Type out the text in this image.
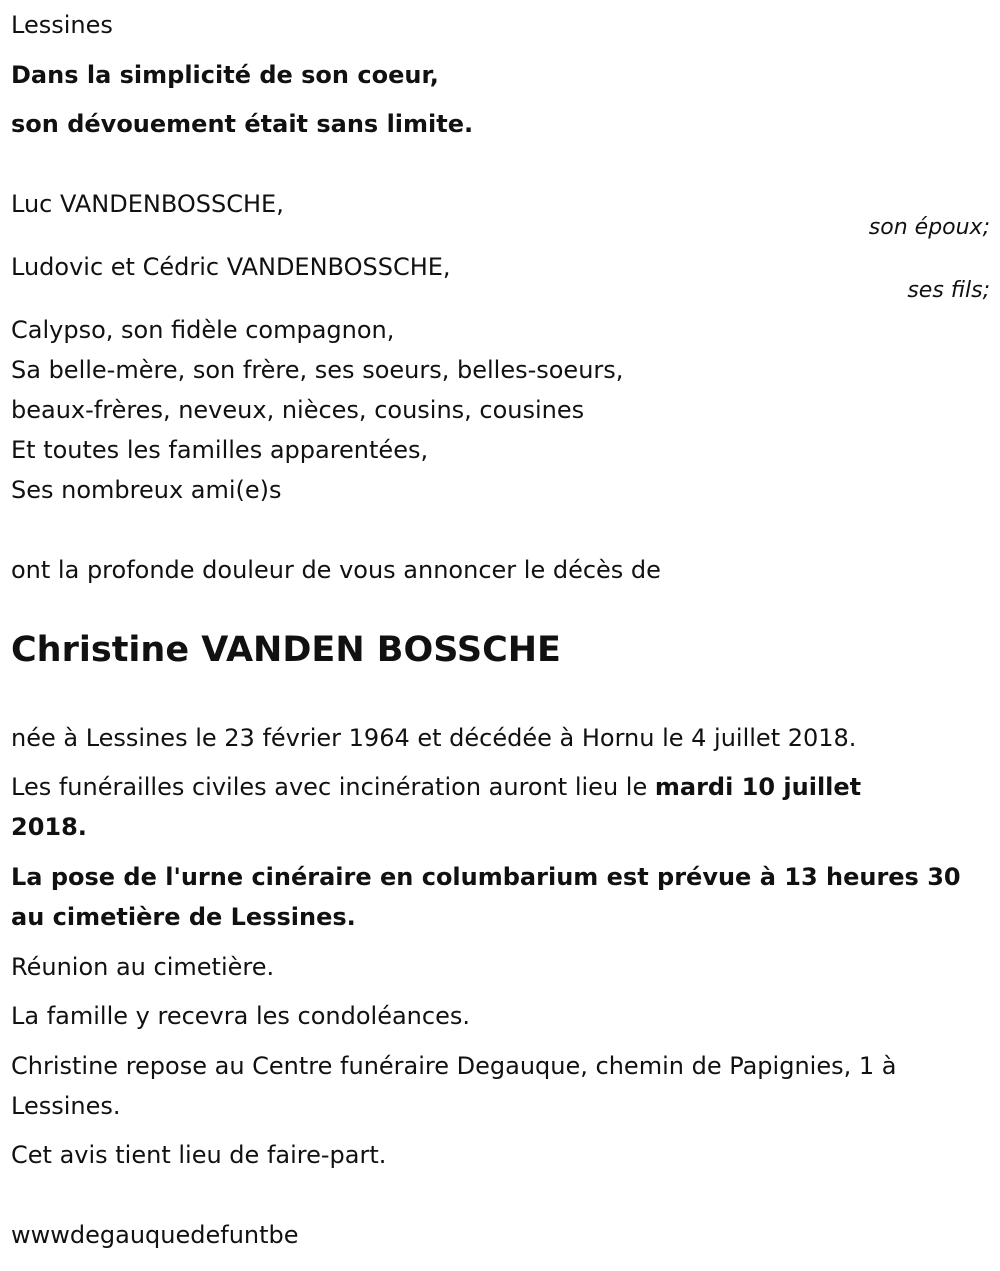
Lessines
Dans la simplicité de son coeur,
son dévouement était sans limite.
Luc VANDENBOSSCHE,
son époux;
Ludovic et Cédric VANDENBOSSCHE,
ses fils;
Calypso, son fidèle compagnon,
Sa belle-mère, son frère, ses soeurs, belles-soeurs,
beaux-frères, neveux, nièces, cousins, cousines
Et toutes les familles apparentées,
Ses nombreux ami(e)s
ont la profonde douleur de vous annoncer le décès de
Christine VANDEN BOSSCHE
née à Lessines le 23 février 1964 et décédée à Hornu le 4 juillet 2018.
Les funérailles civiles avec incinération auront lieu le mardi 10 juillet
2018.
La pose de l'urne cinéraire en columbarium est prévue à 13 heures 30
au cimetière de Lessines.
Réunion au cimetière.
La famille y recevra les condoléances.
Christine repose au Centre funéraire Degauque, chemin de Papignies, 1 à
Lessines.
Cet avis tient lieu de faire-part.
wwwdegauquedefuntbe
